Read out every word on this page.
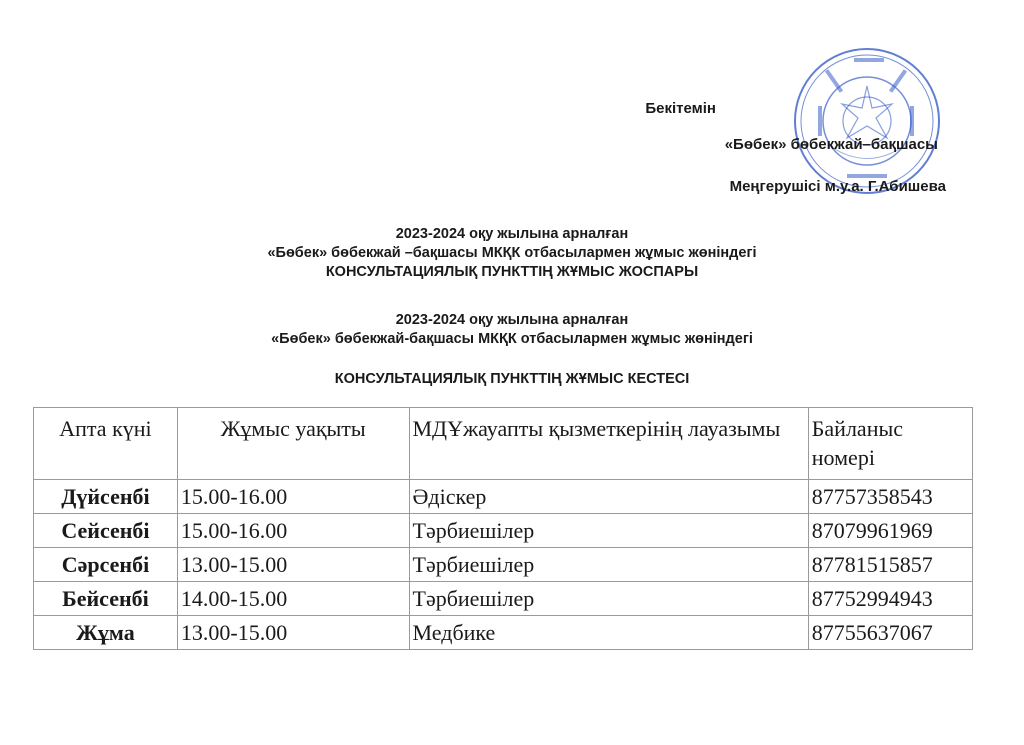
Бекітемін
«Бөбек» бөбекжай–бақшасы
Меңгерушісі м.у.а. Г.Абишева
2023-2024 оқу жылына арналған
«Бөбек» бөбекжай –бақшасы МКҚК отбасылармен жұмыс жөніндегі
КОНСУЛЬТАЦИЯЛЫҚ ПУНКТТІҢ ЖҰМЫС ЖОСПАРЫ
2023-2024 оқу жылына арналған
«Бөбек» бөбекжай-бақшасы МКҚК отбасылармен жұмыс жөніндегі
КОНСУЛЬТАЦИЯЛЫҚ ПУНКТТІҢ ЖҰМЫС КЕСТЕСІ
Апта күні	Жұмыс уақыты	МДҰжауапты қызметкерінің лауазымы	Байланыс номері
Дүйсенбі	15.00-16.00	Әдіскер	87757358543
Сейсенбі	15.00-16.00	Тәрбиешілер	87079961969
Сәрсенбі	13.00-15.00	Тәрбиешілер	87781515857
Бейсенбі	14.00-15.00	Тәрбиешілер	87752994943
Жұма	13.00-15.00	Медбике	87755637067
